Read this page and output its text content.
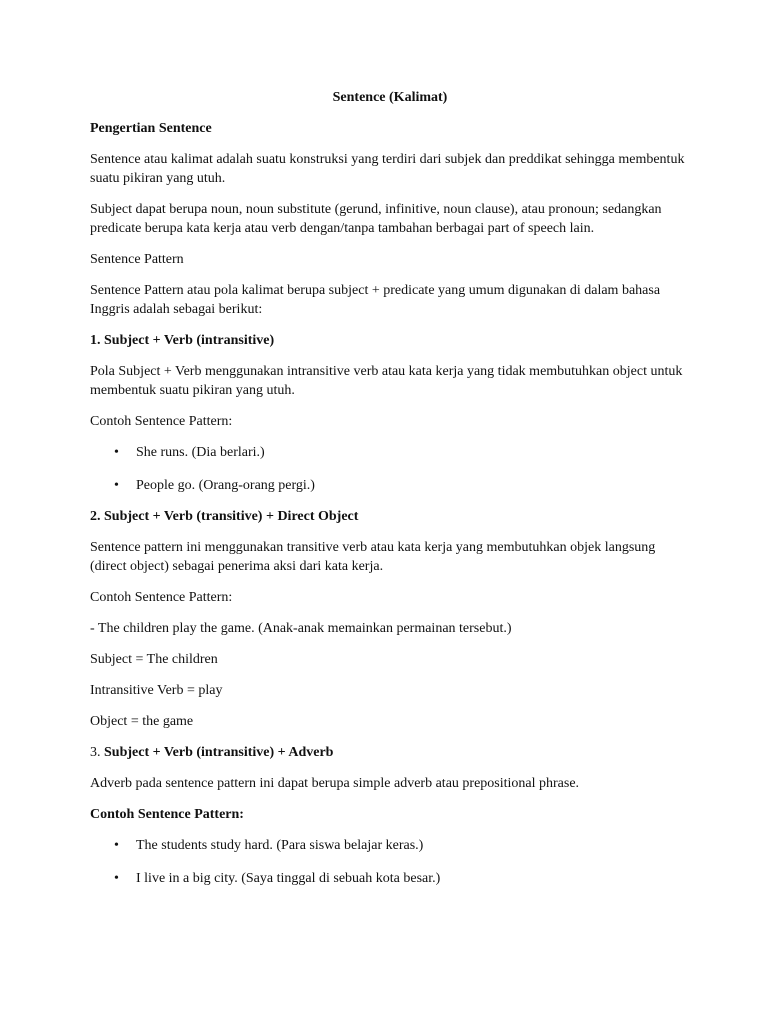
Sentence (Kalimat)

Pengertian Sentence

Sentence atau kalimat adalah suatu konstruksi yang terdiri dari subjek dan preddikat sehingga membentuk suatu pikiran yang utuh.

Subject dapat berupa noun, noun substitute (gerund, infinitive, noun clause), atau pronoun; sedangkan predicate berupa kata kerja atau verb dengan/tanpa tambahan berbagai part of speech lain.

Sentence Pattern

Sentence Pattern atau pola kalimat berupa subject + predicate yang umum digunakan di dalam bahasa Inggris adalah sebagai berikut:

1. Subject + Verb (intransitive)

Pola Subject + Verb menggunakan intransitive verb atau kata kerja yang tidak membutuhkan object untuk membentuk suatu pikiran yang utuh.

Contoh Sentence Pattern:

• She runs. (Dia berlari.)
• People go. (Orang-orang pergi.)

2. Subject + Verb (transitive) + Direct Object

Sentence pattern ini menggunakan transitive verb atau kata kerja yang membutuhkan objek langsung (direct object) sebagai penerima aksi dari kata kerja.

Contoh Sentence Pattern:

- The children play the game. (Anak-anak memainkan permainan tersebut.)

Subject = The children

Intransitive Verb = play

Object = the game

3. Subject + Verb (intransitive) + Adverb

Adverb pada sentence pattern ini dapat berupa simple adverb atau prepositional phrase.

Contoh Sentence Pattern:

• The students study hard. (Para siswa belajar keras.)
• I live in a big city. (Saya tinggal di sebuah kota besar.)
